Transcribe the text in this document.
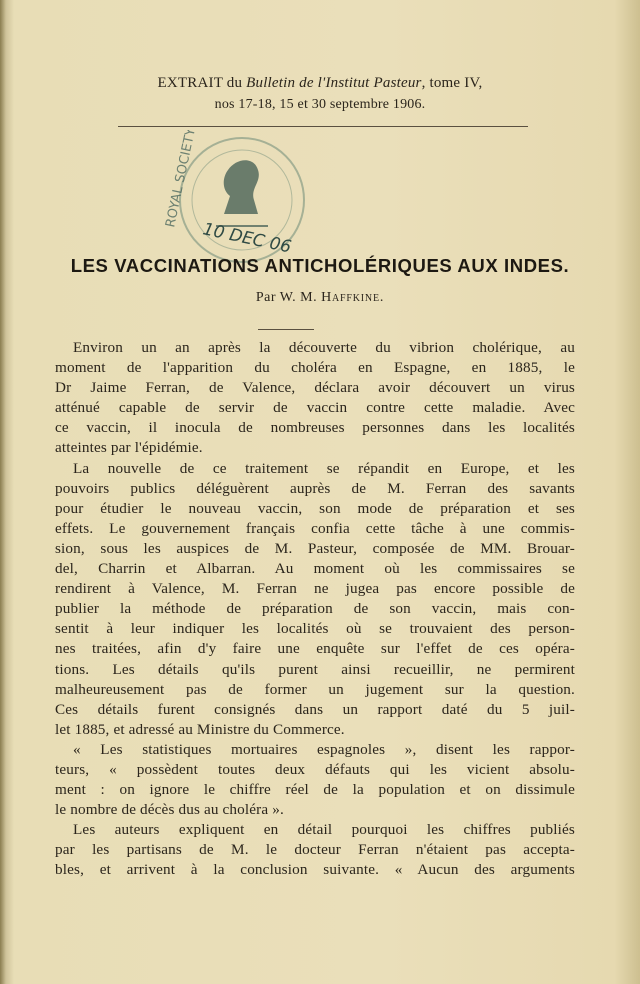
EXTRAIT du Bulletin de l'Institut Pasteur, tome IV,
nos 17-18, 15 et 30 septembre 1906.
ROYAL SOCIETY
10 DEC 06
LES VACCINATIONS ANTICHOLÉRIQUES AUX INDES.
Par W. M. Haffkine.
Environ un an après la découverte du vibrion cholérique, au
moment de l'apparition du choléra en Espagne, en 1885, le
Dr Jaime Ferran, de Valence, déclara avoir découvert un virus
atténué capable de servir de vaccin contre cette maladie. Avec
ce vaccin, il inocula de nombreuses personnes dans les localités
atteintes par l'épidémie.
La nouvelle de ce traitement se répandit en Europe, et les
pouvoirs publics déléguèrent auprès de M. Ferran des savants
pour étudier le nouveau vaccin, son mode de préparation et ses
effets. Le gouvernement français confia cette tâche à une commis-
sion, sous les auspices de M. Pasteur, composée de MM. Brouar-
del, Charrin et Albarran. Au moment où les commissaires se
rendirent à Valence, M. Ferran ne jugea pas encore possible de
publier la méthode de préparation de son vaccin, mais con-
sentit à leur indiquer les localités où se trouvaient des person-
nes traitées, afin d'y faire une enquête sur l'effet de ces opéra-
tions. Les détails qu'ils purent ainsi recueillir, ne permirent
malheureusement pas de former un jugement sur la question.
Ces détails furent consignés dans un rapport daté du 5 juil-
let 1885, et adressé au Ministre du Commerce.
« Les statistiques mortuaires espagnoles », disent les rappor-
teurs, « possèdent toutes deux défauts qui les vicient absolu-
ment : on ignore le chiffre réel de la population et on dissimule
le nombre de décès dus au choléra ».
Les auteurs expliquent en détail pourquoi les chiffres publiés
par les partisans de M. le docteur Ferran n'étaient pas accepta-
bles, et arrivent à la conclusion suivante. « Aucun des arguments
